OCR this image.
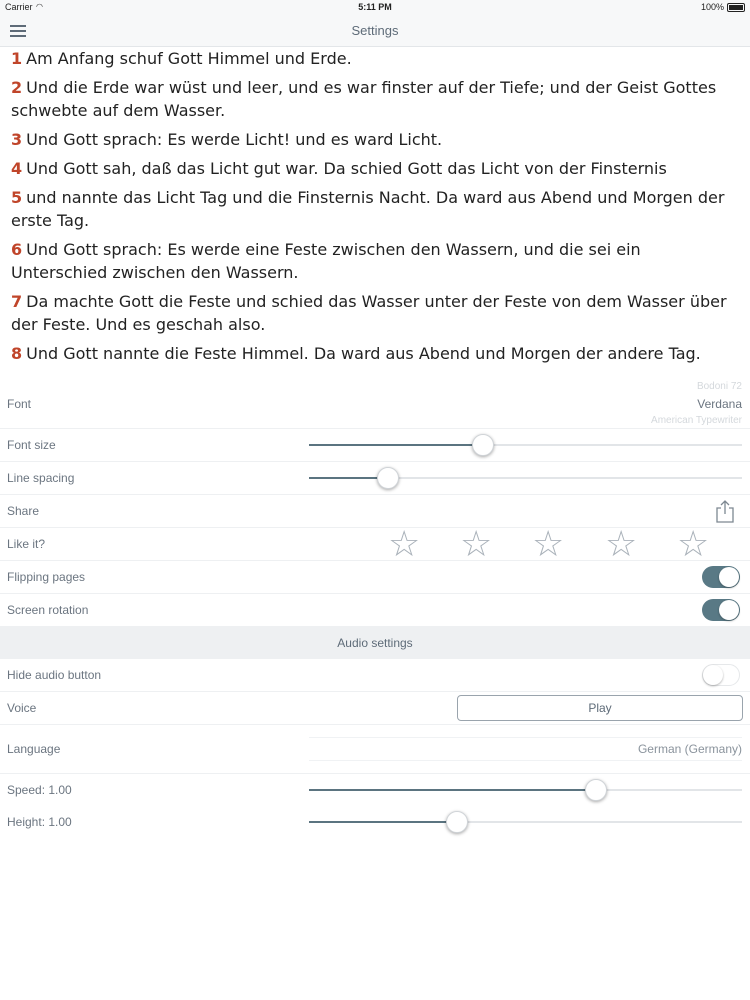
Carrier ◠	5:11 PM	100%
Settings
1 Am Anfang schuf Gott Himmel und Erde.
2 Und die Erde war wüst und leer, und es war finster auf der Tiefe; und der Geist Gottes schwebte auf dem Wasser.
3 Und Gott sprach: Es werde Licht! und es ward Licht.
4 Und Gott sah, daß das Licht gut war. Da schied Gott das Licht von der Finsternis
5 und nannte das Licht Tag und die Finsternis Nacht. Da ward aus Abend und Morgen der erste Tag.
6 Und Gott sprach: Es werde eine Feste zwischen den Wassern, und die sei ein Unterschied zwischen den Wassern.
7 Da machte Gott die Feste und schied das Wasser unter der Feste von dem Wasser über der Feste. Und es geschah also.
8 Und Gott nannte die Feste Himmel. Da ward aus Abend und Morgen der andere Tag.
Font
Bodoni 72
Verdana
American Typewriter
Font size
Line spacing
Share
Like it?	☆ ☆ ☆ ☆ ☆
Flipping pages
Screen rotation
Audio settings
Hide audio button
Voice	Play
Language	German (Germany)
Speed: 1.00
Height: 1.00
